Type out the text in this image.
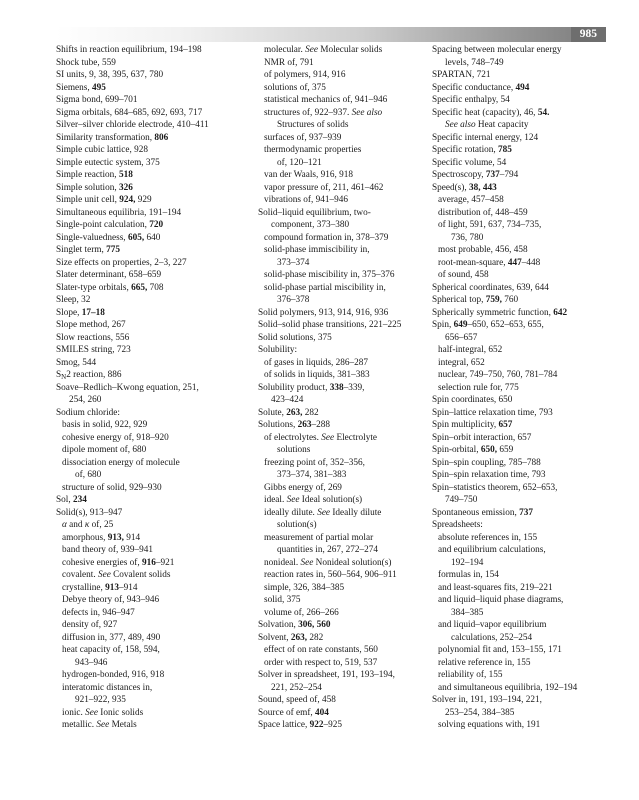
985
Shifts in reaction equilibrium, 194–198
Shock tube, 559
SI units, 9, 38, 395, 637, 780
Siemens, 495
Sigma bond, 699–701
Sigma orbitals, 684–685, 692, 693, 717
Silver–silver chloride electrode, 410–411
Similarity transformation, 806
Simple cubic lattice, 928
Simple eutectic system, 375
Simple reaction, 518
Simple solution, 326
Simple unit cell, 924, 929
Simultaneous equilibria, 191–194
Single-point calculation, 720
Single-valuedness, 605, 640
Singlet term, 775
Size effects on properties, 2–3, 227
Slater determinant, 658–659
Slater-type orbitals, 665, 708
Sleep, 32
Slope, 17–18
Slope method, 267
Slow reactions, 556
SMILES string, 723
Smog, 544
$S_N2$ reaction, 886
Soave–Redlich–Kwong equation, 251,
254, 260
Sodium chloride:
basis in solid, 922, 929
cohesive energy of, 918–920
dipole moment of, 680
dissociation energy of molecule
of, 680
structure of solid, 929–930
Sol, 234
Solid(s), 913–947
α and κ of, 25
amorphous, 913, 914
band theory of, 939–941
cohesive energies of, 916–921
covalent. See Covalent solids
crystalline, 913–914
Debye theory of, 943–946
defects in, 946–947
density of, 927
diffusion in, 377, 489, 490
heat capacity of, 158, 594,
943–946
hydrogen-bonded, 916, 918
interatomic distances in,
921–922, 935
ionic. See Ionic solids
metallic. See Metals
molecular. See Molecular solids
NMR of, 791
of polymers, 914, 916
solutions of, 375
statistical mechanics of, 941–946
structures of, 922–937. See also
Structures of solids
surfaces of, 937–939
thermodynamic properties
of, 120–121
van der Waals, 916, 918
vapor pressure of, 211, 461–462
vibrations of, 941–946
Solid–liquid equilibrium, two-
component, 373–380
compound formation in, 378–379
solid-phase immiscibility in,
373–374
solid-phase miscibility in, 375–376
solid-phase partial miscibility in,
376–378
Solid polymers, 913, 914, 916, 936
Solid–solid phase transitions, 221–225
Solid solutions, 375
Solubility:
of gases in liquids, 286–287
of solids in liquids, 381–383
Solubility product, 338–339,
423–424
Solute, 263, 282
Solutions, 263–288
of electrolytes. See Electrolyte
solutions
freezing point of, 352–356,
373–374, 381–383
Gibbs energy of, 269
ideal. See Ideal solution(s)
ideally dilute. See Ideally dilute
solution(s)
measurement of partial molar
quantities in, 267, 272–274
nonideal. See Nonideal solution(s)
reaction rates in, 560–564, 906–911
simple, 326, 384–385
solid, 375
volume of, 266–266
Solvation, 306, 560
Solvent, 263, 282
effect of on rate constants, 560
order with respect to, 519, 537
Solver in spreadsheet, 191, 193–194,
221, 252–254
Sound, speed of, 458
Source of emf, 404
Space lattice, 922–925
Spacing between molecular energy
levels, 748–749
SPARTAN, 721
Specific conductance, 494
Specific enthalpy, 54
Specific heat (capacity), 46, 54.
See also Heat capacity
Specific internal energy, 124
Specific rotation, 785
Specific volume, 54
Spectroscopy, 737–794
Speed(s), 38, 443
average, 457–458
distribution of, 448–459
of light, 591, 637, 734–735,
736, 780
most probable, 456, 458
root-mean-square, 447–448
of sound, 458
Spherical coordinates, 639, 644
Spherical top, 759, 760
Spherically symmetric function, 642
Spin, 649–650, 652–653, 655,
656–657
half-integral, 652
integral, 652
nuclear, 749–750, 760, 781–784
selection rule for, 775
Spin coordinates, 650
Spin–lattice relaxation time, 793
Spin multiplicity, 657
Spin–orbit interaction, 657
Spin-orbital, 650, 659
Spin–spin coupling, 785–788
Spin–spin relaxation time, 793
Spin–statistics theorem, 652–653,
749–750
Spontaneous emission, 737
Spreadsheets:
absolute references in, 155
and equilibrium calculations,
192–194
formulas in, 154
and least-squares fits, 219–221
and liquid–liquid phase diagrams,
384–385
and liquid–vapor equilibrium
calculations, 252–254
polynomial fit and, 153–155, 171
relative reference in, 155
reliability of, 155
and simultaneous equilibria, 192–194
Solver in, 191, 193–194, 221,
253–254, 384–385
solving equations with, 191
